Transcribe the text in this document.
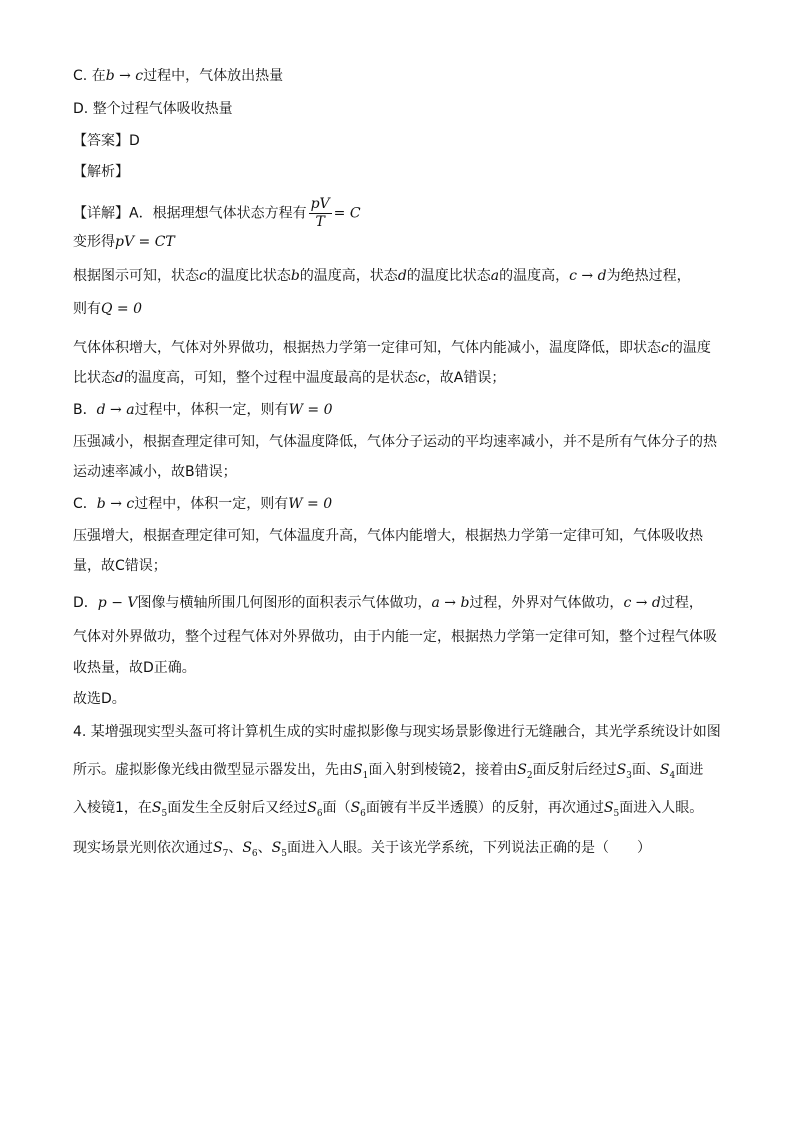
C. 在b → c过程中，气体放出热量
D. 整个过程气体吸收热量
【答案】D
【解析】
【详解】A．根据理想气体状态方程有 $\frac{pV}{T} = C$
变形得pV = CT
根据图示可知，状态c的温度比状态b的温度高，状态d的温度比状态a的温度高，c → d为绝热过程，
则有Q = 0
气体体积增大，气体对外界做功，根据热力学第一定律可知，气体内能减小，温度降低，即状态c的温度
比状态d的温度高，可知，整个过程中温度最高的是状态c，故A错误；
B．d → a过程中，体积一定，则有W = 0
压强减小，根据查理定律可知，气体温度降低，气体分子运动的平均速率减小，并不是所有气体分子的热
运动速率减小，故B错误；
C．b → c过程中，体积一定，则有W = 0
压强增大，根据查理定律可知，气体温度升高，气体内能增大，根据热力学第一定律可知，气体吸收热
量，故C错误；
D．p − V图像与横轴所围几何图形的面积表示气体做功，a → b过程，外界对气体做功，c → d过程，
气体对外界做功，整个过程气体对外界做功，由于内能一定，根据热力学第一定律可知，整个过程气体吸
收热量，故D正确。
故选D。
4. 某增强现实型头盔可将计算机生成的实时虚拟影像与现实场景影像进行无缝融合，其光学系统设计如图
所示。虚拟影像光线由微型显示器发出，先由$S_1$面入射到棱镜2，接着由$S_2$面反射后经过$S_3$面、$S_4$面进
入棱镜1，在$S_5$面发生全反射后又经过$S_6$面（$S_6$面镀有半反半透膜）的反射，再次通过$S_5$面进入人眼。
现实场景光则依次通过$S_7$、$S_6$、$S_5$面进入人眼。关于该光学系统，下列说法正确的是（　　）
